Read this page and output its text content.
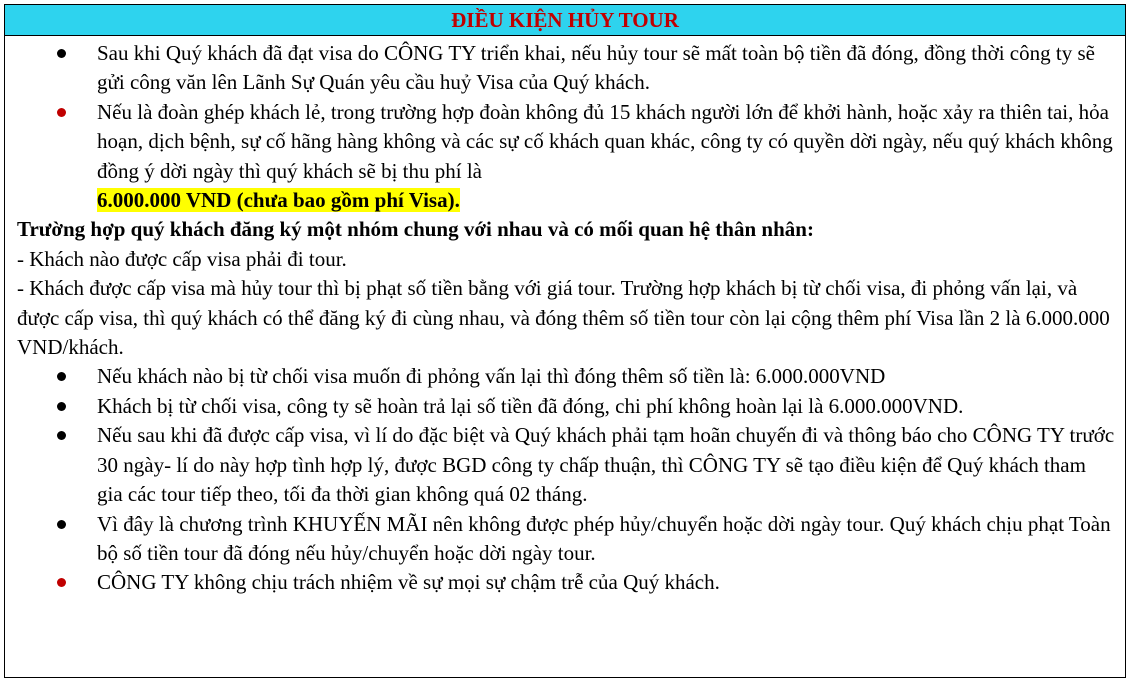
ĐIỀU KIỆN HỦY TOUR
Sau khi Quý khách đã đạt visa do CÔNG TY triển khai, nếu hủy tour sẽ mất toàn bộ tiền đã đóng, đồng thời công ty sẽ gửi công văn lên Lãnh Sự Quán yêu cầu huỷ Visa của Quý khách.
Nếu là đoàn ghép khách lẻ, trong trường hợp đoàn không đủ 15 khách người lớn để khởi hành, hoặc xảy ra thiên tai, hỏa hoạn, dịch bệnh, sự cố hãng hàng không và các sự cố khách quan khác, công ty có quyền dời ngày, nếu quý khách không đồng ý dời ngày thì quý khách sẽ bị thu phí là
6.000.000 VND (chưa bao gồm phí Visa).

Trường hợp quý khách đăng ký một nhóm chung với nhau và có mối quan hệ thân nhân:

- Khách nào được cấp visa phải đi tour.

- Khách được cấp visa mà hủy tour thì bị phạt số tiền bằng với giá tour. Trường hợp khách bị từ chối visa, đi phỏng vấn lại, và được cấp visa, thì quý khách có thể đăng ký đi cùng nhau, và đóng thêm số tiền tour còn lại cộng thêm phí Visa lần 2 là 6.000.000 VND/khách.

Nếu khách nào bị từ chối visa muốn đi phỏng vấn lại thì đóng thêm số tiền là: 6.000.000VND
Khách bị từ chối visa, công ty sẽ hoàn trả lại số tiền đã đóng, chi phí không hoàn lại là 6.000.000VND.
Nếu sau khi đã được cấp visa, vì lí do đặc biệt và Quý khách phải tạm hoãn chuyến đi và thông báo cho CÔNG TY trước 30 ngày- lí do này hợp tình hợp lý, được BGD công ty chấp thuận, thì CÔNG TY sẽ tạo điều kiện để Quý khách tham gia các tour tiếp theo, tối đa thời gian không quá 02 tháng.
Vì đây là chương trình KHUYẾN MÃI nên không được phép hủy/chuyển hoặc dời ngày tour. Quý khách chịu phạt Toàn bộ số tiền tour đã đóng nếu hủy/chuyển hoặc dời ngày tour.
CÔNG TY không chịu trách nhiệm về sự mọi sự chậm trễ của Quý khách.
